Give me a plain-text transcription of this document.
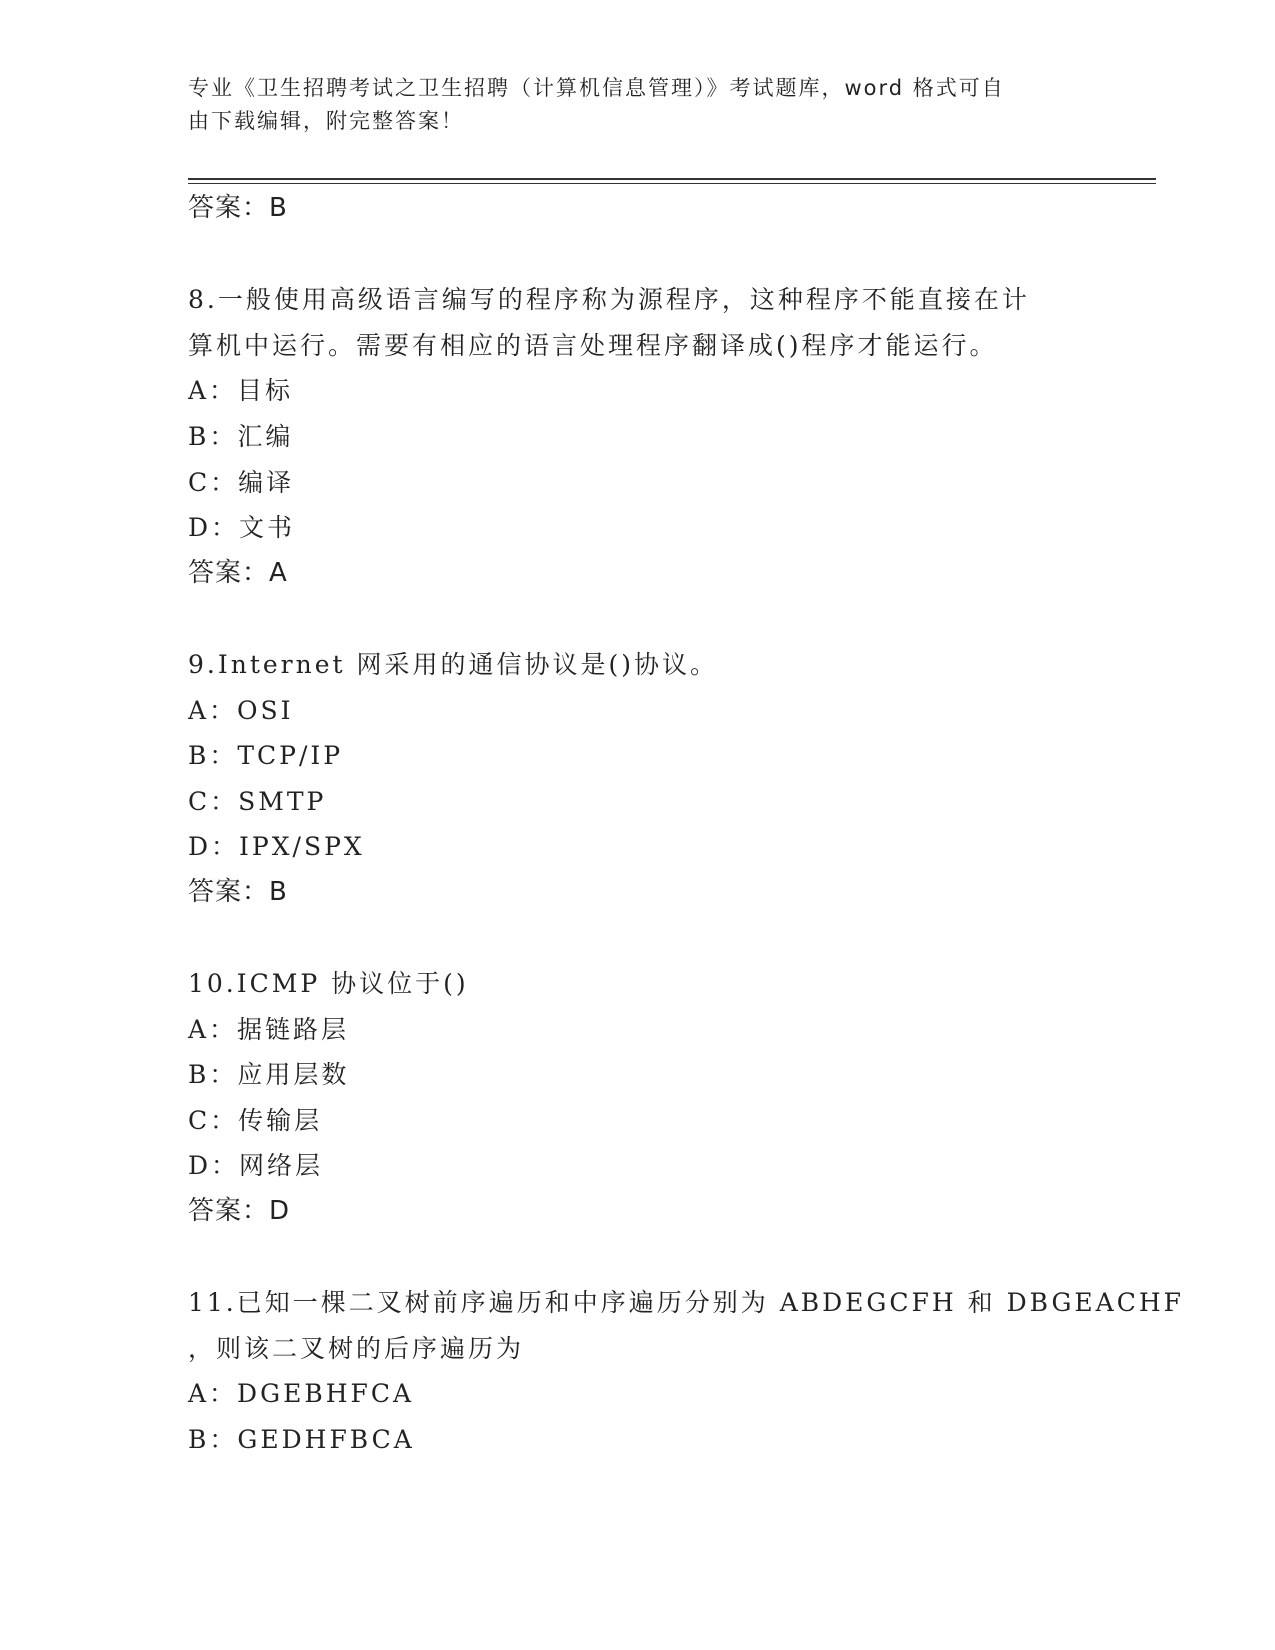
专业《卫生招聘考试之卫生招聘（计算机信息管理）》考试题库，word 格式可自
由下载编辑，附完整答案！
答案：B
8.一般使用高级语言编写的程序称为源程序，这种程序不能直接在计
算机中运行。需要有相应的语言处理程序翻译成()程序才能运行。
A：目标
B：汇编
C：编译
D：文书
答案：A
9.Internet 网采用的通信协议是()协议。
A：OSI
B：TCP/IP
C：SMTP
D：IPX/SPX
答案：B
10.ICMP 协议位于()
A：据链路层
B：应用层数
C：传输层
D：网络层
答案：D
11.已知一棵二叉树前序遍历和中序遍历分别为 ABDEGCFH 和 DBGEACHF
，则该二叉树的后序遍历为
A：DGEBHFCA
B：GEDHFBCA
